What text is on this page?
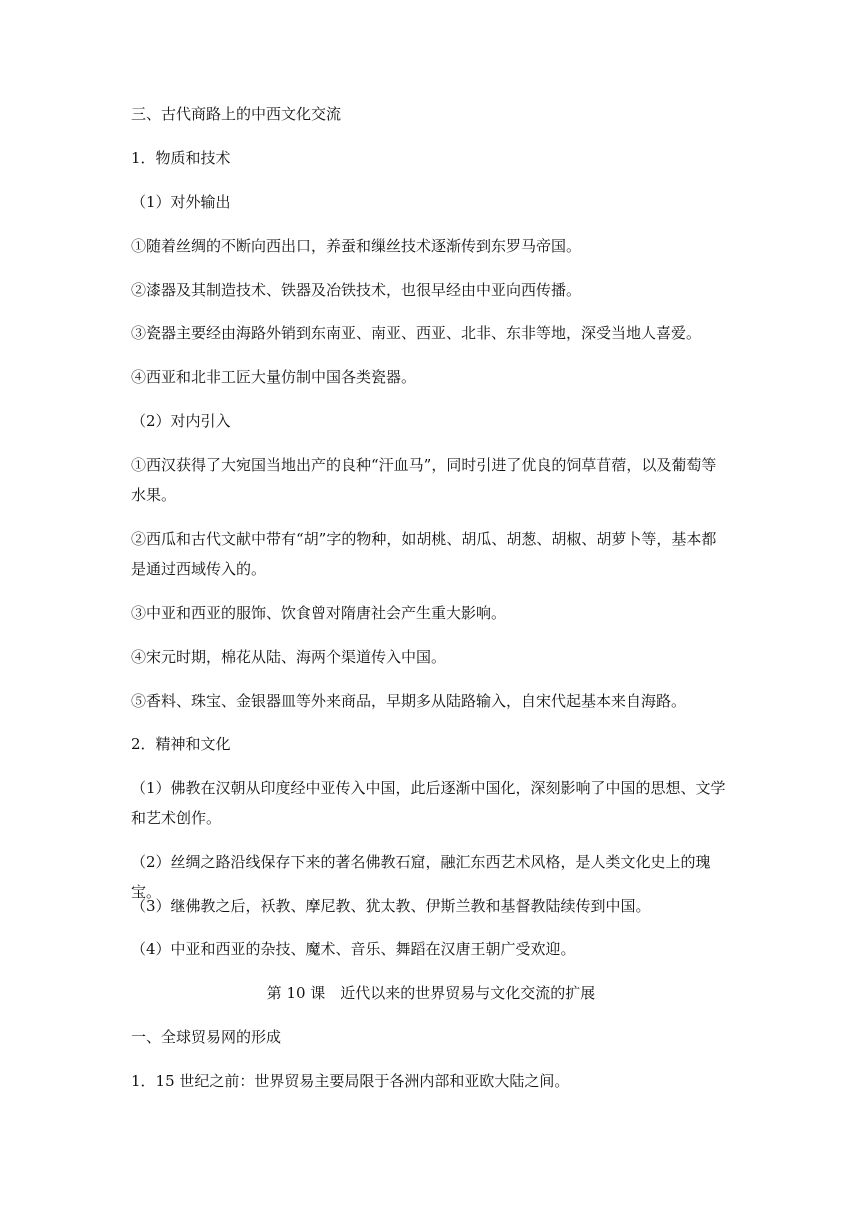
三、古代商路上的中西文化交流

1．物质和技术

（1）对外输出

①随着丝绸的不断向西出口，养蚕和缫丝技术逐渐传到东罗马帝国。

②漆器及其制造技术、铁器及冶铁技术，也很早经由中亚向西传播。

③瓷器主要经由海路外销到东南亚、南亚、西亚、北非、东非等地，深受当地人喜爱。

④西亚和北非工匠大量仿制中国各类瓷器。

（2）对内引入

①西汉获得了大宛国当地出产的良种“汗血马”，同时引进了优良的饲草苜蓿，以及葡萄等水果。

②西瓜和古代文献中带有“胡”字的物种，如胡桃、胡瓜、胡葱、胡椒、胡萝卜等，基本都是通过西域传入的。

③中亚和西亚的服饰、饮食曾对隋唐社会产生重大影响。

④宋元时期，棉花从陆、海两个渠道传入中国。

⑤香料、珠宝、金银器皿等外来商品，早期多从陆路输入，自宋代起基本来自海路。

2．精神和文化

（1）佛教在汉朝从印度经中亚传入中国，此后逐渐中国化，深刻影响了中国的思想、文学和艺术创作。

（2）丝绸之路沿线保存下来的著名佛教石窟，融汇东西艺术风格，是人类文化史上的瑰宝。

（3）继佛教之后，袄教、摩尼教、犹太教、伊斯兰教和基督教陆续传到中国。

（4）中亚和西亚的杂技、魔术、音乐、舞蹈在汉唐王朝广受欢迎。

第 10 课　近代以来的世界贸易与文化交流的扩展

一、全球贸易网的形成

1．15 世纪之前：世界贸易主要局限于各洲内部和亚欧大陆之间。
